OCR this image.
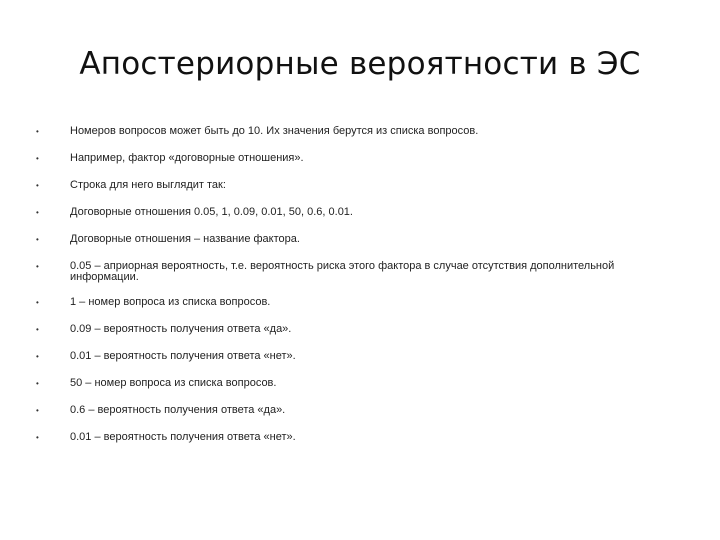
Апостериорные вероятности в ЭС
•	Номеров вопросов может быть до 10. Их значения берутся из списка вопросов.
•	Например, фактор «договорные отношения».
•	Строка для него выглядит так:
•	Договорные отношения 0.05, 1, 0.09, 0.01, 50, 0.6, 0.01.
•	Договорные отношения – название фактора.
•	0.05 – априорная вероятность, т.е. вероятность риска этого фактора в случае отсутствия дополнительной информации.
•	1 – номер вопроса из списка вопросов.
•	0.09 – вероятность получения ответа «да».
•	0.01 – вероятность получения ответа «нет».
•	50 – номер вопроса из списка вопросов.
•	0.6 – вероятность получения ответа «да».
•	0.01 – вероятность получения ответа «нет».
